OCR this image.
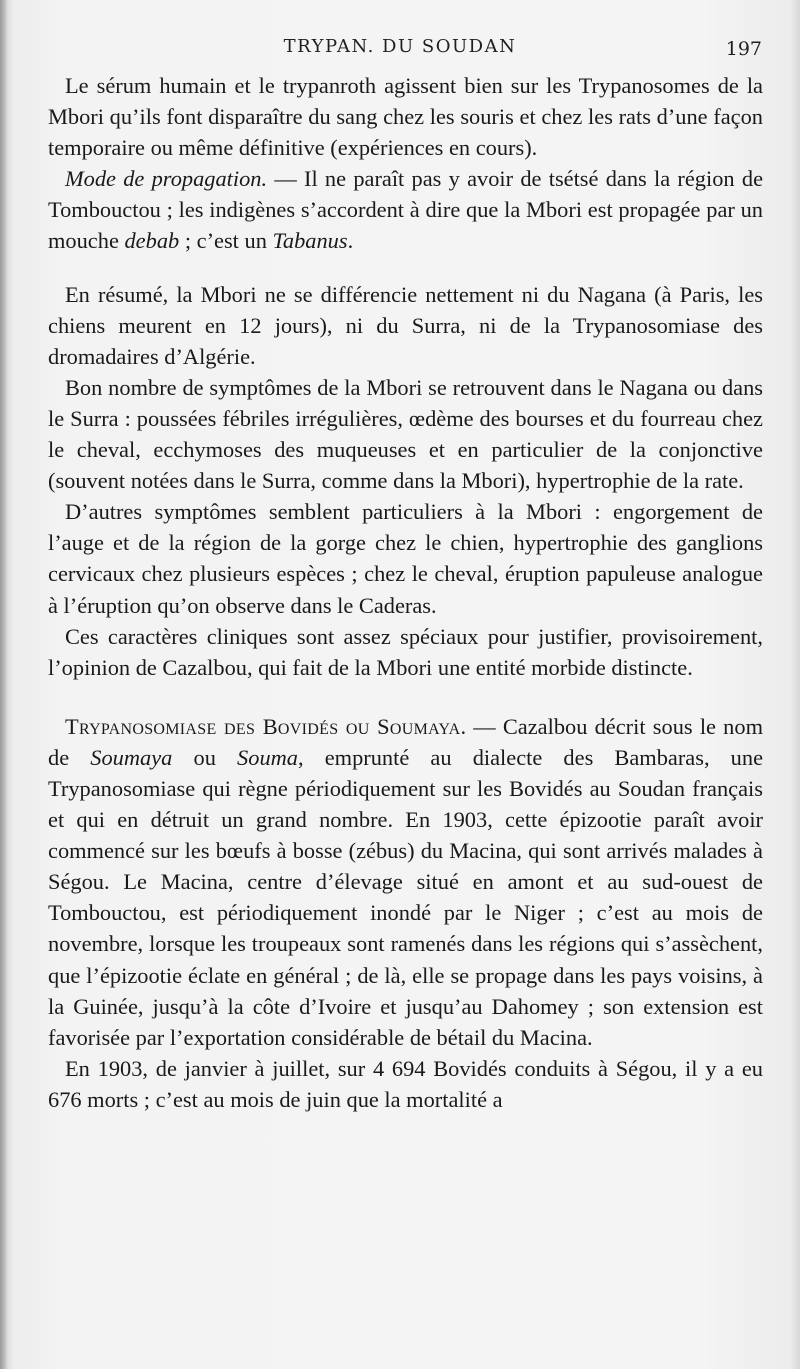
TRYPAN. DU SOUDAN	197

Le sérum humain et le trypanroth agissent bien sur les Trypanosomes de la Mbori qu’ils font disparaître du sang chez les souris et chez les rats d’une façon temporaire ou même définitive (expériences en cours).

Mode de propagation. — Il ne paraît pas y avoir de tsétsé dans la région de Tombouctou ; les indigènes s’accordent à dire que la Mbori est propagée par un mouche debab ; c’est un Tabanus.

En résumé, la Mbori ne se différencie nettement ni du Nagana (à Paris, les chiens meurent en 12 jours), ni du Surra, ni de la Trypanosomiase des dromadaires d’Algérie.

Bon nombre de symptômes de la Mbori se retrouvent dans le Nagana ou dans le Surra : poussées fébriles irrégulières, œdème des bourses et du fourreau chez le cheval, ecchymoses des muqueuses et en particulier de la conjonctive (souvent notées dans le Surra, comme dans la Mbori), hypertrophie de la rate.

D’autres symptômes semblent particuliers à la Mbori : engorgement de l’auge et de la région de la gorge chez le chien, hypertrophie des ganglions cervicaux chez plusieurs espèces ; chez le cheval, éruption papuleuse analogue à l’éruption qu’on observe dans le Caderas.

Ces caractères cliniques sont assez spéciaux pour justifier, provisoirement, l’opinion de Cazalbou, qui fait de la Mbori une entité morbide distincte.

Trypanosomiase des Bovidés ou Soumaya. — Cazalbou décrit sous le nom de Soumaya ou Souma, emprunté au dialecte des Bambaras, une Trypanosomiase qui règne périodiquement sur les Bovidés au Soudan français et qui en détruit un grand nombre. En 1903, cette épizootie paraît avoir commencé sur les bœufs à bosse (zébus) du Macina, qui sont arrivés malades à Ségou. Le Macina, centre d’élevage situé en amont et au sud-ouest de Tombouctou, est périodiquement inondé par le Niger ; c’est au mois de novembre, lorsque les troupeaux sont ramenés dans les régions qui s’assèchent, que l’épizootie éclate en général ; de là, elle se propage dans les pays voisins, à la Guinée, jusqu’à la côte d’Ivoire et jusqu’au Dahomey ; son extension est favorisée par l’exportation considérable de bétail du Macina.

En 1903, de janvier à juillet, sur 4 694 Bovidés conduits à Ségou, il y a eu 676 morts ; c’est au mois de juin que la mortalité a
